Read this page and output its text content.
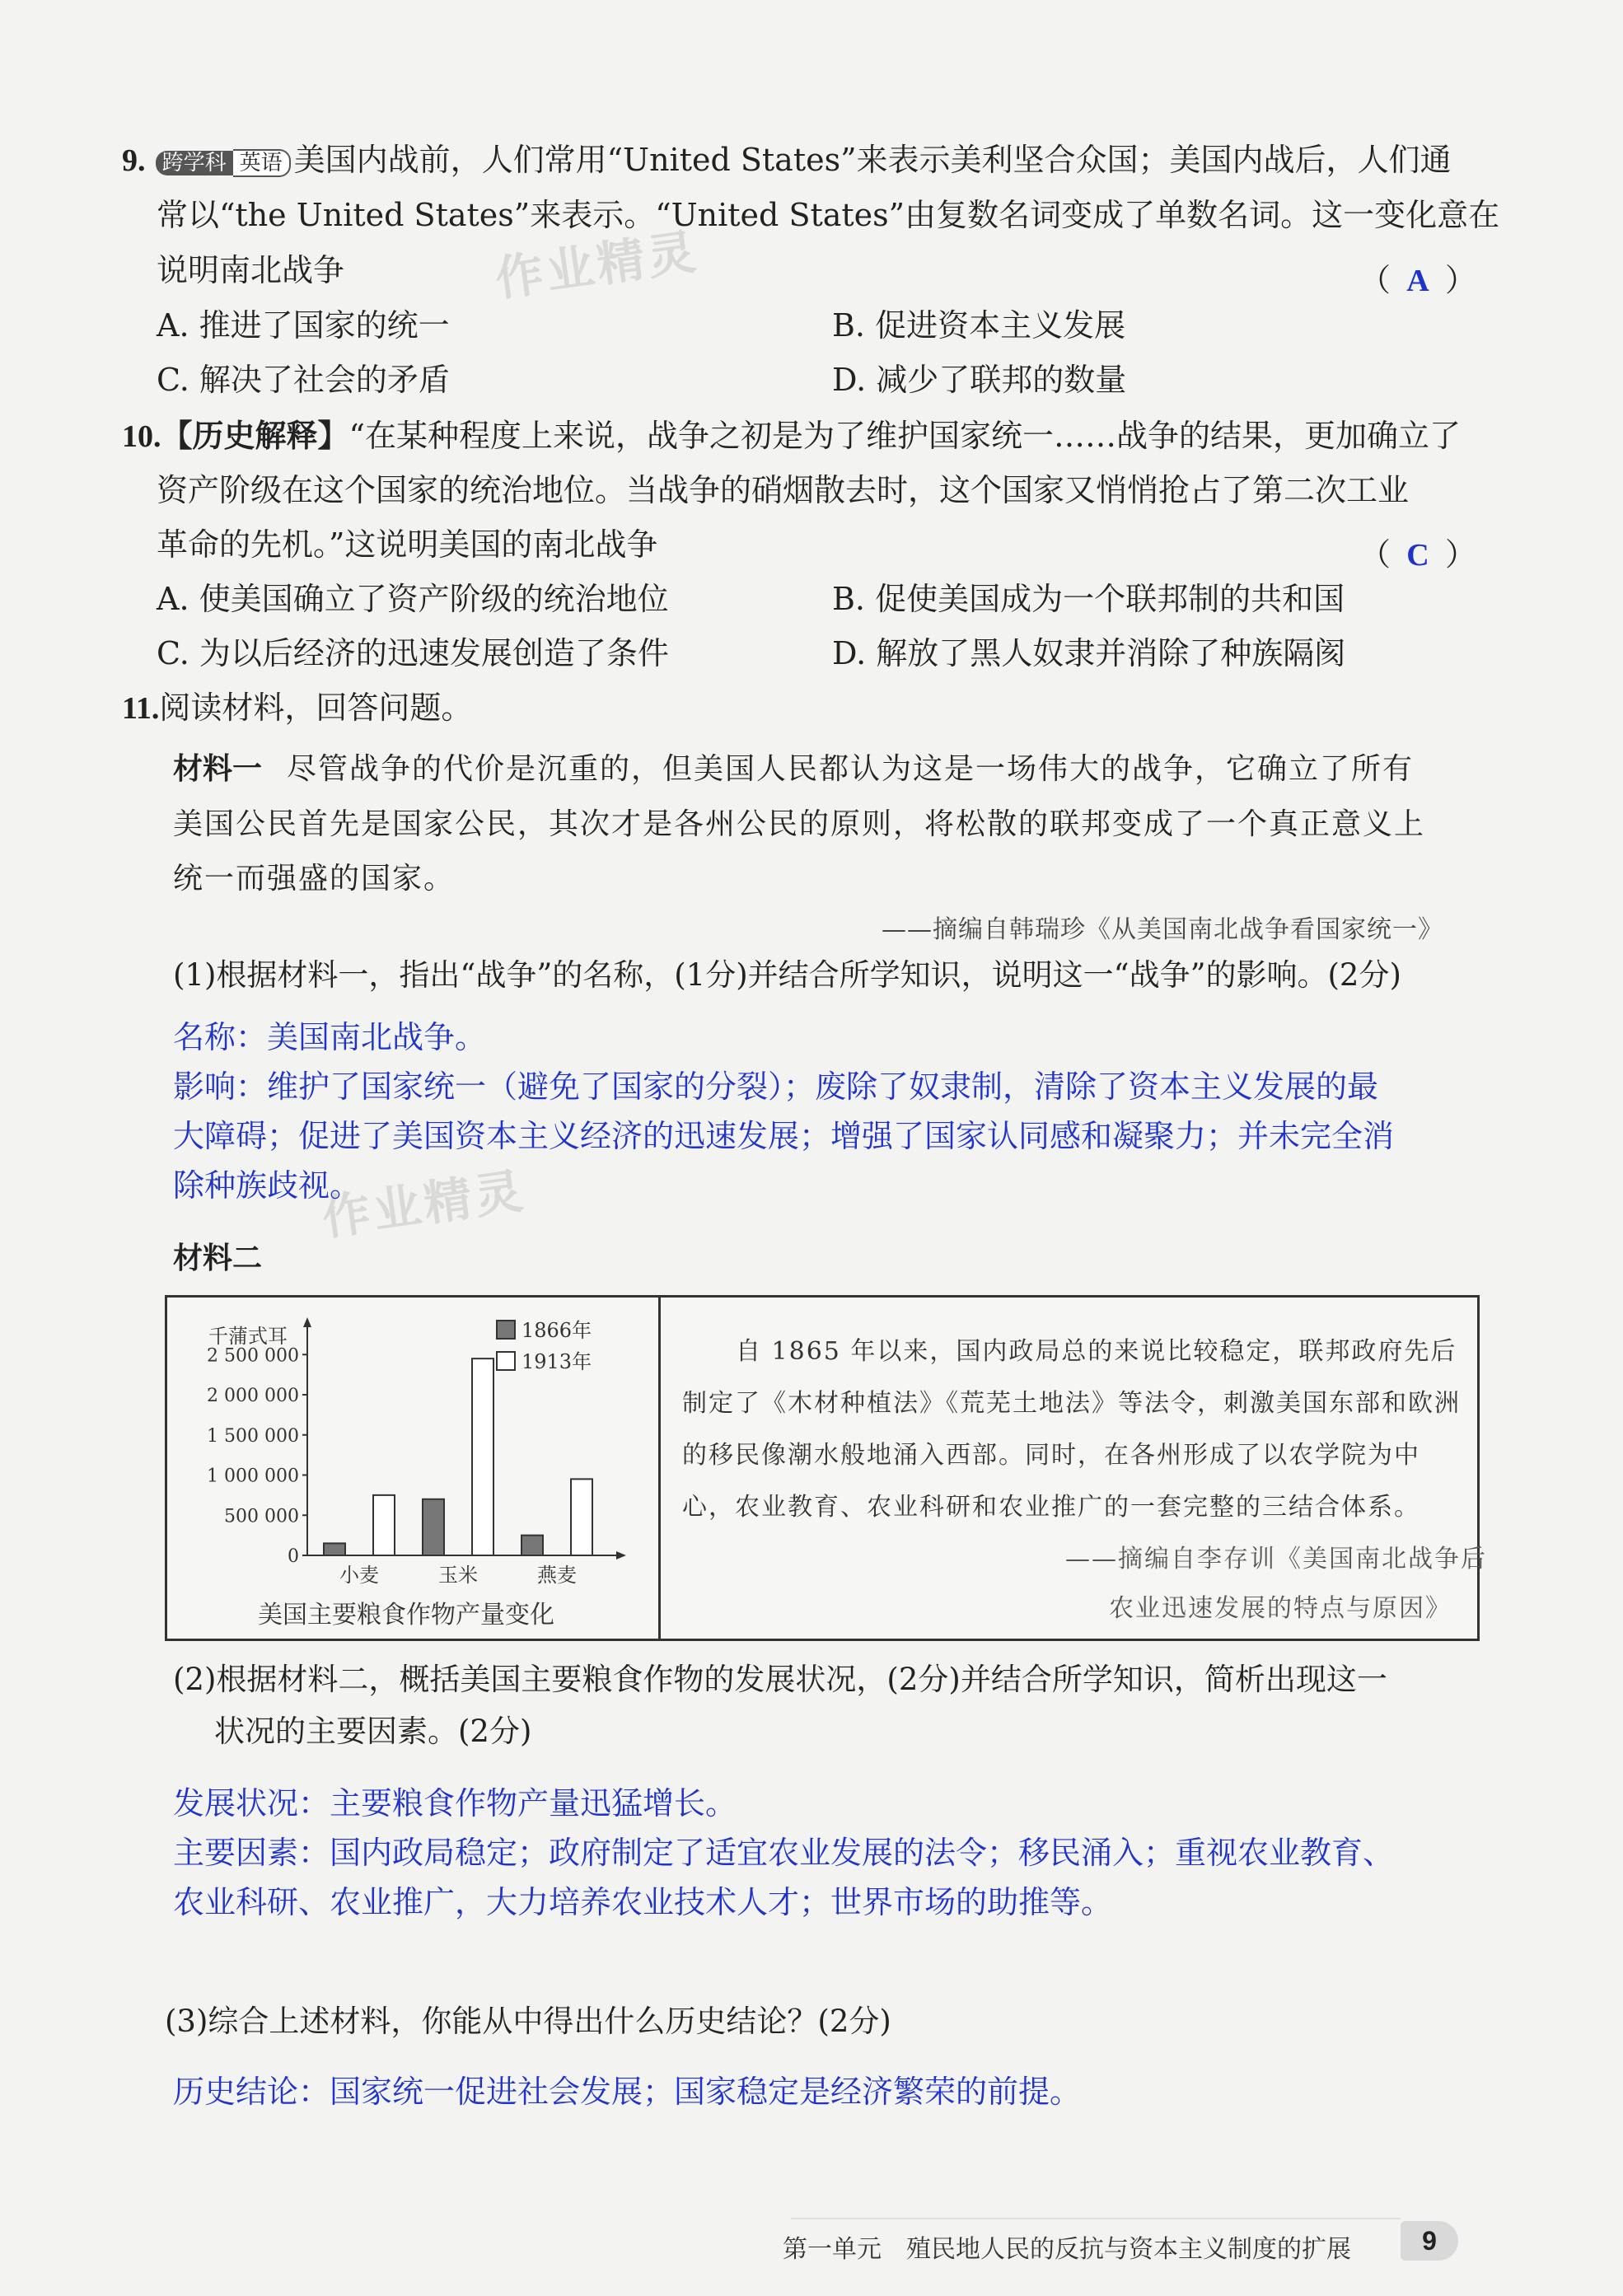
作业精灵
作业精灵
9. 跨学科 英语 美国内战前，人们常用“United States”来表示美利坚合众国；美国内战后，人们通
常以“the United States”来表示。“United States”由复数名词变成了单数名词。这一变化意在
说明南北战争	（ A ）
A. 推进了国家的统一	B. 促进资本主义发展
C. 解决了社会的矛盾	D. 减少了联邦的数量
10.【历史解释】“在某种程度上来说，战争之初是为了维护国家统一……战争的结果，更加确立了
资产阶级在这个国家的统治地位。当战争的硝烟散去时，这个国家又悄悄抢占了第二次工业
革命的先机。”这说明美国的南北战争	（ C ）
A. 使美国确立了资产阶级的统治地位	B. 促使美国成为一个联邦制的共和国
C. 为以后经济的迅速发展创造了条件	D. 解放了黑人奴隶并消除了种族隔阂
11.阅读材料，回答问题。
材料一 尽管战争的代价是沉重的，但美国人民都认为这是一场伟大的战争，它确立了所有
美国公民首先是国家公民，其次才是各州公民的原则，将松散的联邦变成了一个真正意义上
统一而强盛的国家。
——摘编自韩瑞珍《从美国南北战争看国家统一》
(1)根据材料一，指出“战争”的名称，(1分)并结合所学知识，说明这一“战争”的影响。(2分)
名称：美国南北战争。
影响：维护了国家统一（避免了国家的分裂）；废除了奴隶制，清除了资本主义发展的最
大障碍；促进了美国资本主义经济的迅速发展；增强了国家认同感和凝聚力；并未完全消
除种族歧视。
材料二
千蒲式耳
0
500 000
1 000 000
1 500 000
2 000 000
2 500 000
小麦	玉米	燕麦
1866年
1913年
美国主要粮食作物产量变化
自 1865 年以来，国内政局总的来说比较稳定，联邦政府先后
制定了《木材种植法》《荒芜土地法》等法令，刺激美国东部和欧洲
的移民像潮水般地涌入西部。同时，在各州形成了以农学院为中
心，农业教育、农业科研和农业推广的一套完整的三结合体系。
——摘编自李存训《美国南北战争后
农业迅速发展的特点与原因》
(2)根据材料二，概括美国主要粮食作物的发展状况，(2分)并结合所学知识，简析出现这一
状况的主要因素。(2分)
发展状况：主要粮食作物产量迅猛增长。
主要因素：国内政局稳定；政府制定了适宜农业发展的法令；移民涌入；重视农业教育、
农业科研、农业推广，大力培养农业技术人才；世界市场的助推等。
(3)综合上述材料，你能从中得出什么历史结论？(2分)
历史结论：国家统一促进社会发展；国家稳定是经济繁荣的前提。
第一单元　殖民地人民的反抗与资本主义制度的扩展	9
